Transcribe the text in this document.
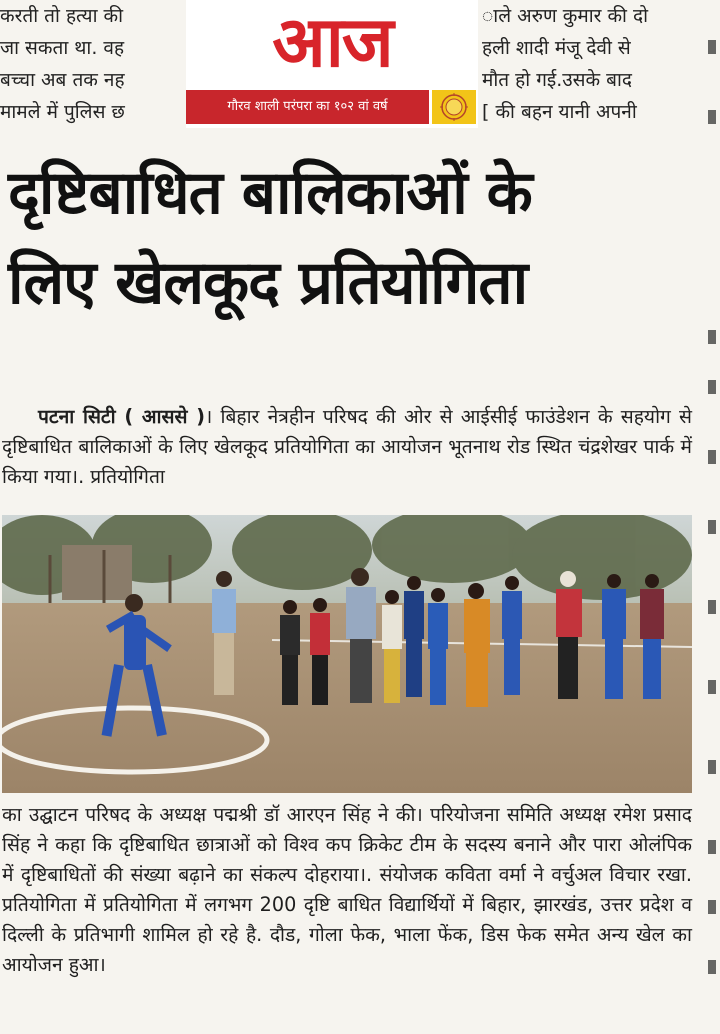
करती तो हत्या की
जा सकता था. वह
बच्चा अब तक नह
मामले में पुलिस छ
ाले अरुण कुमार की दो
हली शादी मंजू देवी से
मौत हो गई.उसके बाद
[ की बहन यानी अपनी
आज
गौरव शाली परंपरा का १०२ वां वर्ष
दृष्टिबाधित बालिकाओं के
लिए खेलकूद प्रतियोगिता
पटना सिटी ( आससे )। बिहार नेत्रहीन परिषद की ओर से आईसीई फाउंडेशन के सहयोग से दृष्टिबाधित बालिकाओं के लिए खेलकूद प्रतियोगिता का आयोजन भूतनाथ रोड स्थित चंद्रशेखर पार्क में किया गया।. प्रतियोगिता
का उद्घाटन परिषद के अध्यक्ष पद्मश्री डॉ आरएन सिंह ने की। परियोजना समिति अध्यक्ष रमेश प्रसाद सिंह ने कहा कि दृष्टिबाधित छात्राओं को विश्व कप क्रिकेट टीम के सदस्य बनाने और पारा ओलंपिक में दृष्टिबाधितों की संख्या बढ़ाने का संकल्प दोहराया।. संयोजक कविता वर्मा ने वर्चुअल विचार रखा. प्रतियोगिता में प्रतियोगिता में लगभग 200 दृष्टि बाधित विद्यार्थियों में बिहार, झारखंड, उत्तर प्रदेश व दिल्ली के प्रतिभागी शामिल हो रहे है. दौड, गोला फेक, भाला फेंक, डिस फेक समेत अन्य खेल का आयोजन हुआ।
